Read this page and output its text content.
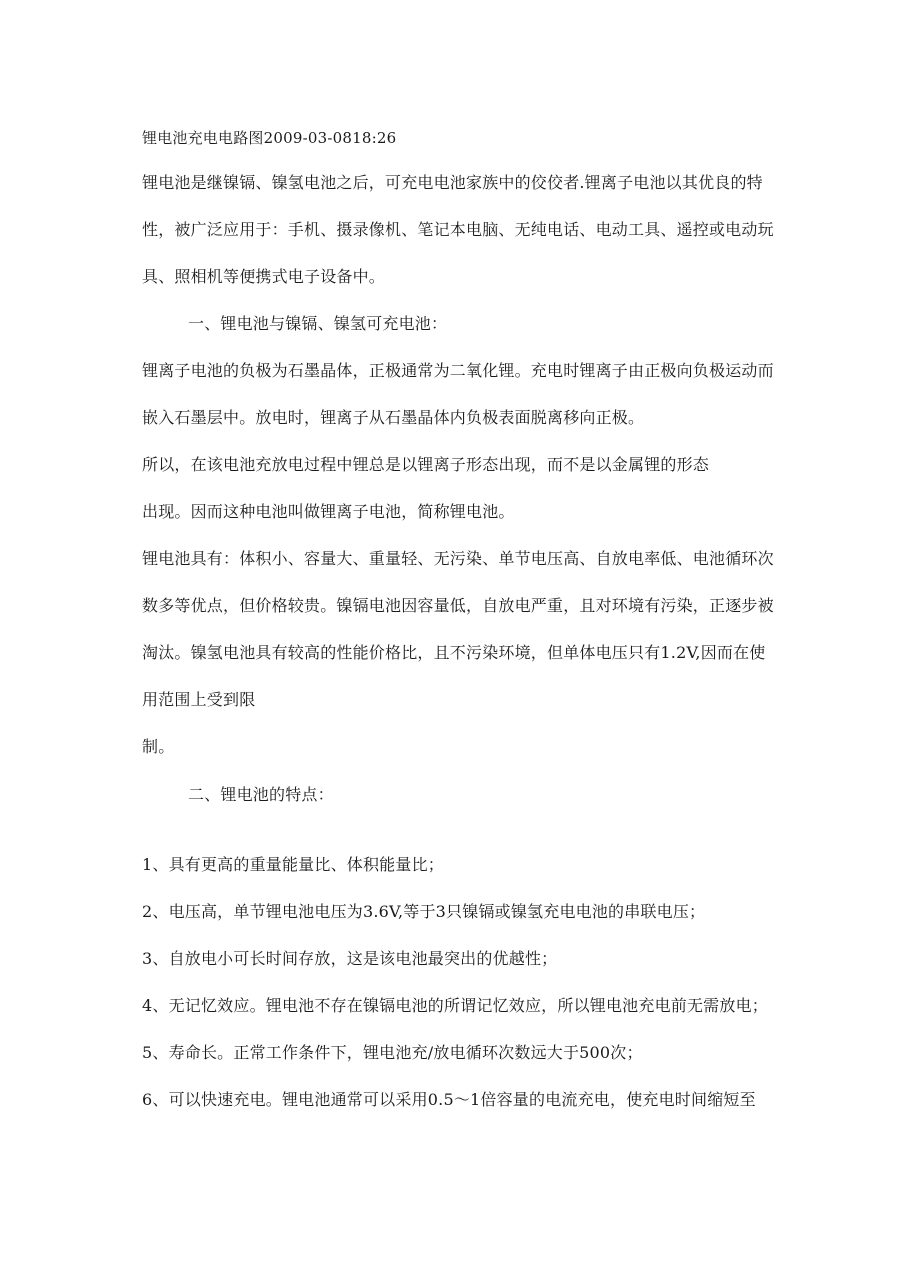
锂电池充电电路图2009-03-0818:26
锂电池是继镍镉、镍氢电池之后，可充电电池家族中的佼佼者.锂离子电池以其优良的特
性，被广泛应用于：手机、摄录像机、笔记本电脑、无纯电话、电动工具、遥控或电动玩
具、照相机等便携式电子设备中。
一、锂电池与镍镉、镍氢可充电池：
锂离子电池的负极为石墨晶体，正极通常为二氧化锂。充电时锂离子由正极向负极运动而
嵌入石墨层中。放电时，锂离子从石墨晶体内负极表面脱离移向正极。
所以，在该电池充放电过程中锂总是以锂离子形态出现，而不是以金属锂的形态
出现。因而这种电池叫做锂离子电池，简称锂电池。
锂电池具有：体积小、容量大、重量轻、无污染、单节电压高、自放电率低、电池循环次
数多等优点，但价格较贵。镍镉电池因容量低，自放电严重，且对环境有污染，正逐步被
淘汰。镍氢电池具有较高的性能价格比，且不污染环境，但单体电压只有1.2V,因而在使
用范围上受到限
制。
二、锂电池的特点：
1、具有更高的重量能量比、体积能量比；
2、电压高，单节锂电池电压为3.6V,等于3只镍镉或镍氢充电电池的串联电压；
3、自放电小可长时间存放，这是该电池最突出的优越性；
4、无记忆效应。锂电池不存在镍镉电池的所谓记忆效应，所以锂电池充电前无需放电；
5、寿命长。正常工作条件下，锂电池充/放电循环次数远大于500次；
6、可以快速充电。锂电池通常可以采用0.5〜1倍容量的电流充电，使充电时间缩短至
